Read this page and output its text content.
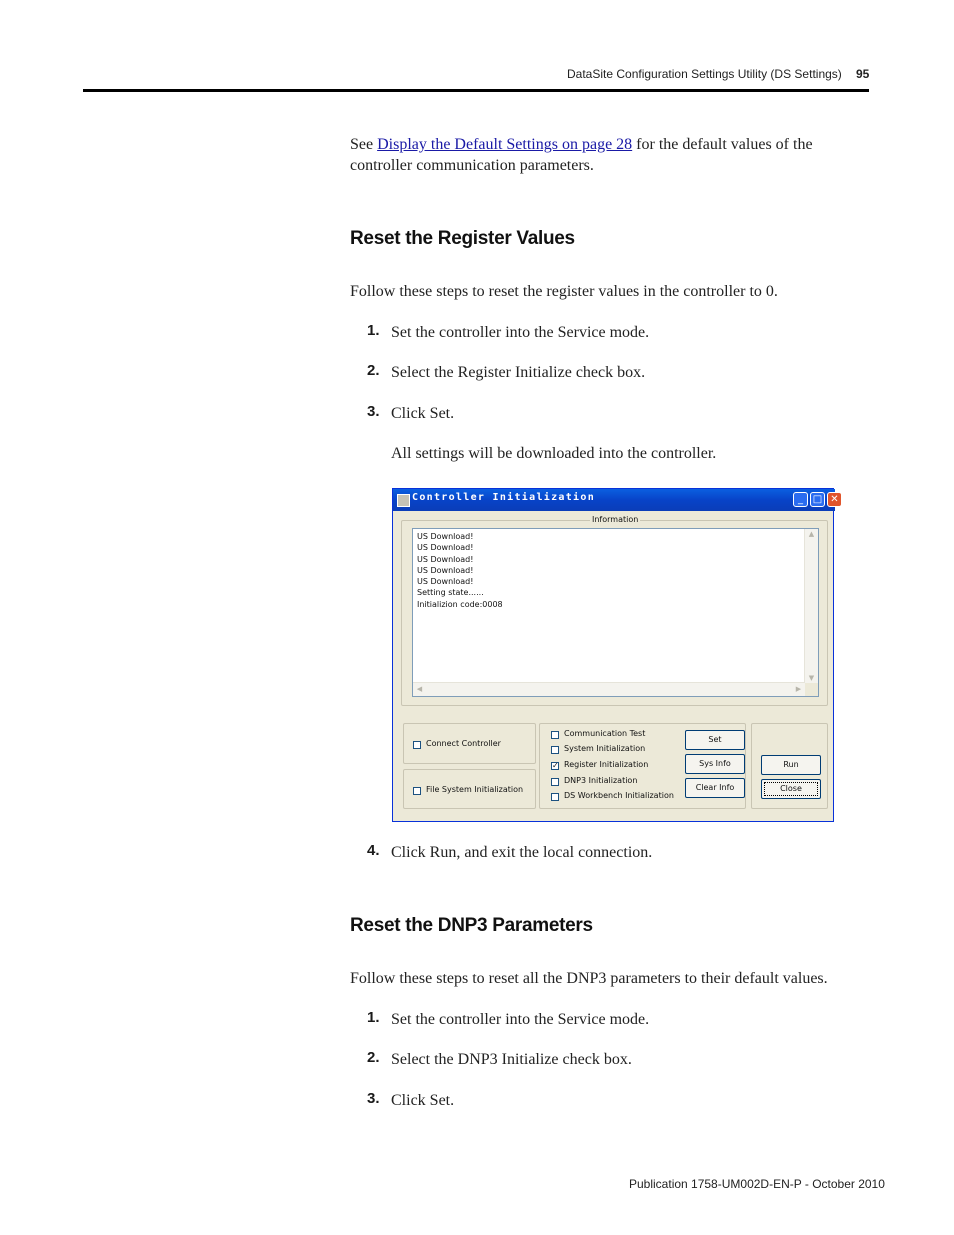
DataSite Configuration Settings Utility (DS Settings) 95
See Display the Default Settings on page 28 for the default values of the
controller communication parameters.
Reset the Register Values
Follow these steps to reset the register values in the controller to 0.
1. Set the controller into the Service mode.
2. Select the Register Initialize check box.
3. Click Set.
All settings will be downloaded into the controller.
Controller Initialization	_ □ ✕
Information
US Download!
US Download!
US Download!
US Download!
US Download!
Setting state......
Initializion code:0008
▲
▼
◀	▶
Connect Controller
File System Initialization
Communication Test
System Initialization
✓ Register Initialization
DNP3 Initialization
DS Workbench Initialization
Set
Sys Info
Clear Info
Run
Close
4. Click Run, and exit the local connection.
Reset the DNP3 Parameters
Follow these steps to reset all the DNP3 parameters to their default values.
1. Set the controller into the Service mode.
2. Select the DNP3 Initialize check box.
3. Click Set.
Publication 1758-UM002D-EN-P - October 2010
